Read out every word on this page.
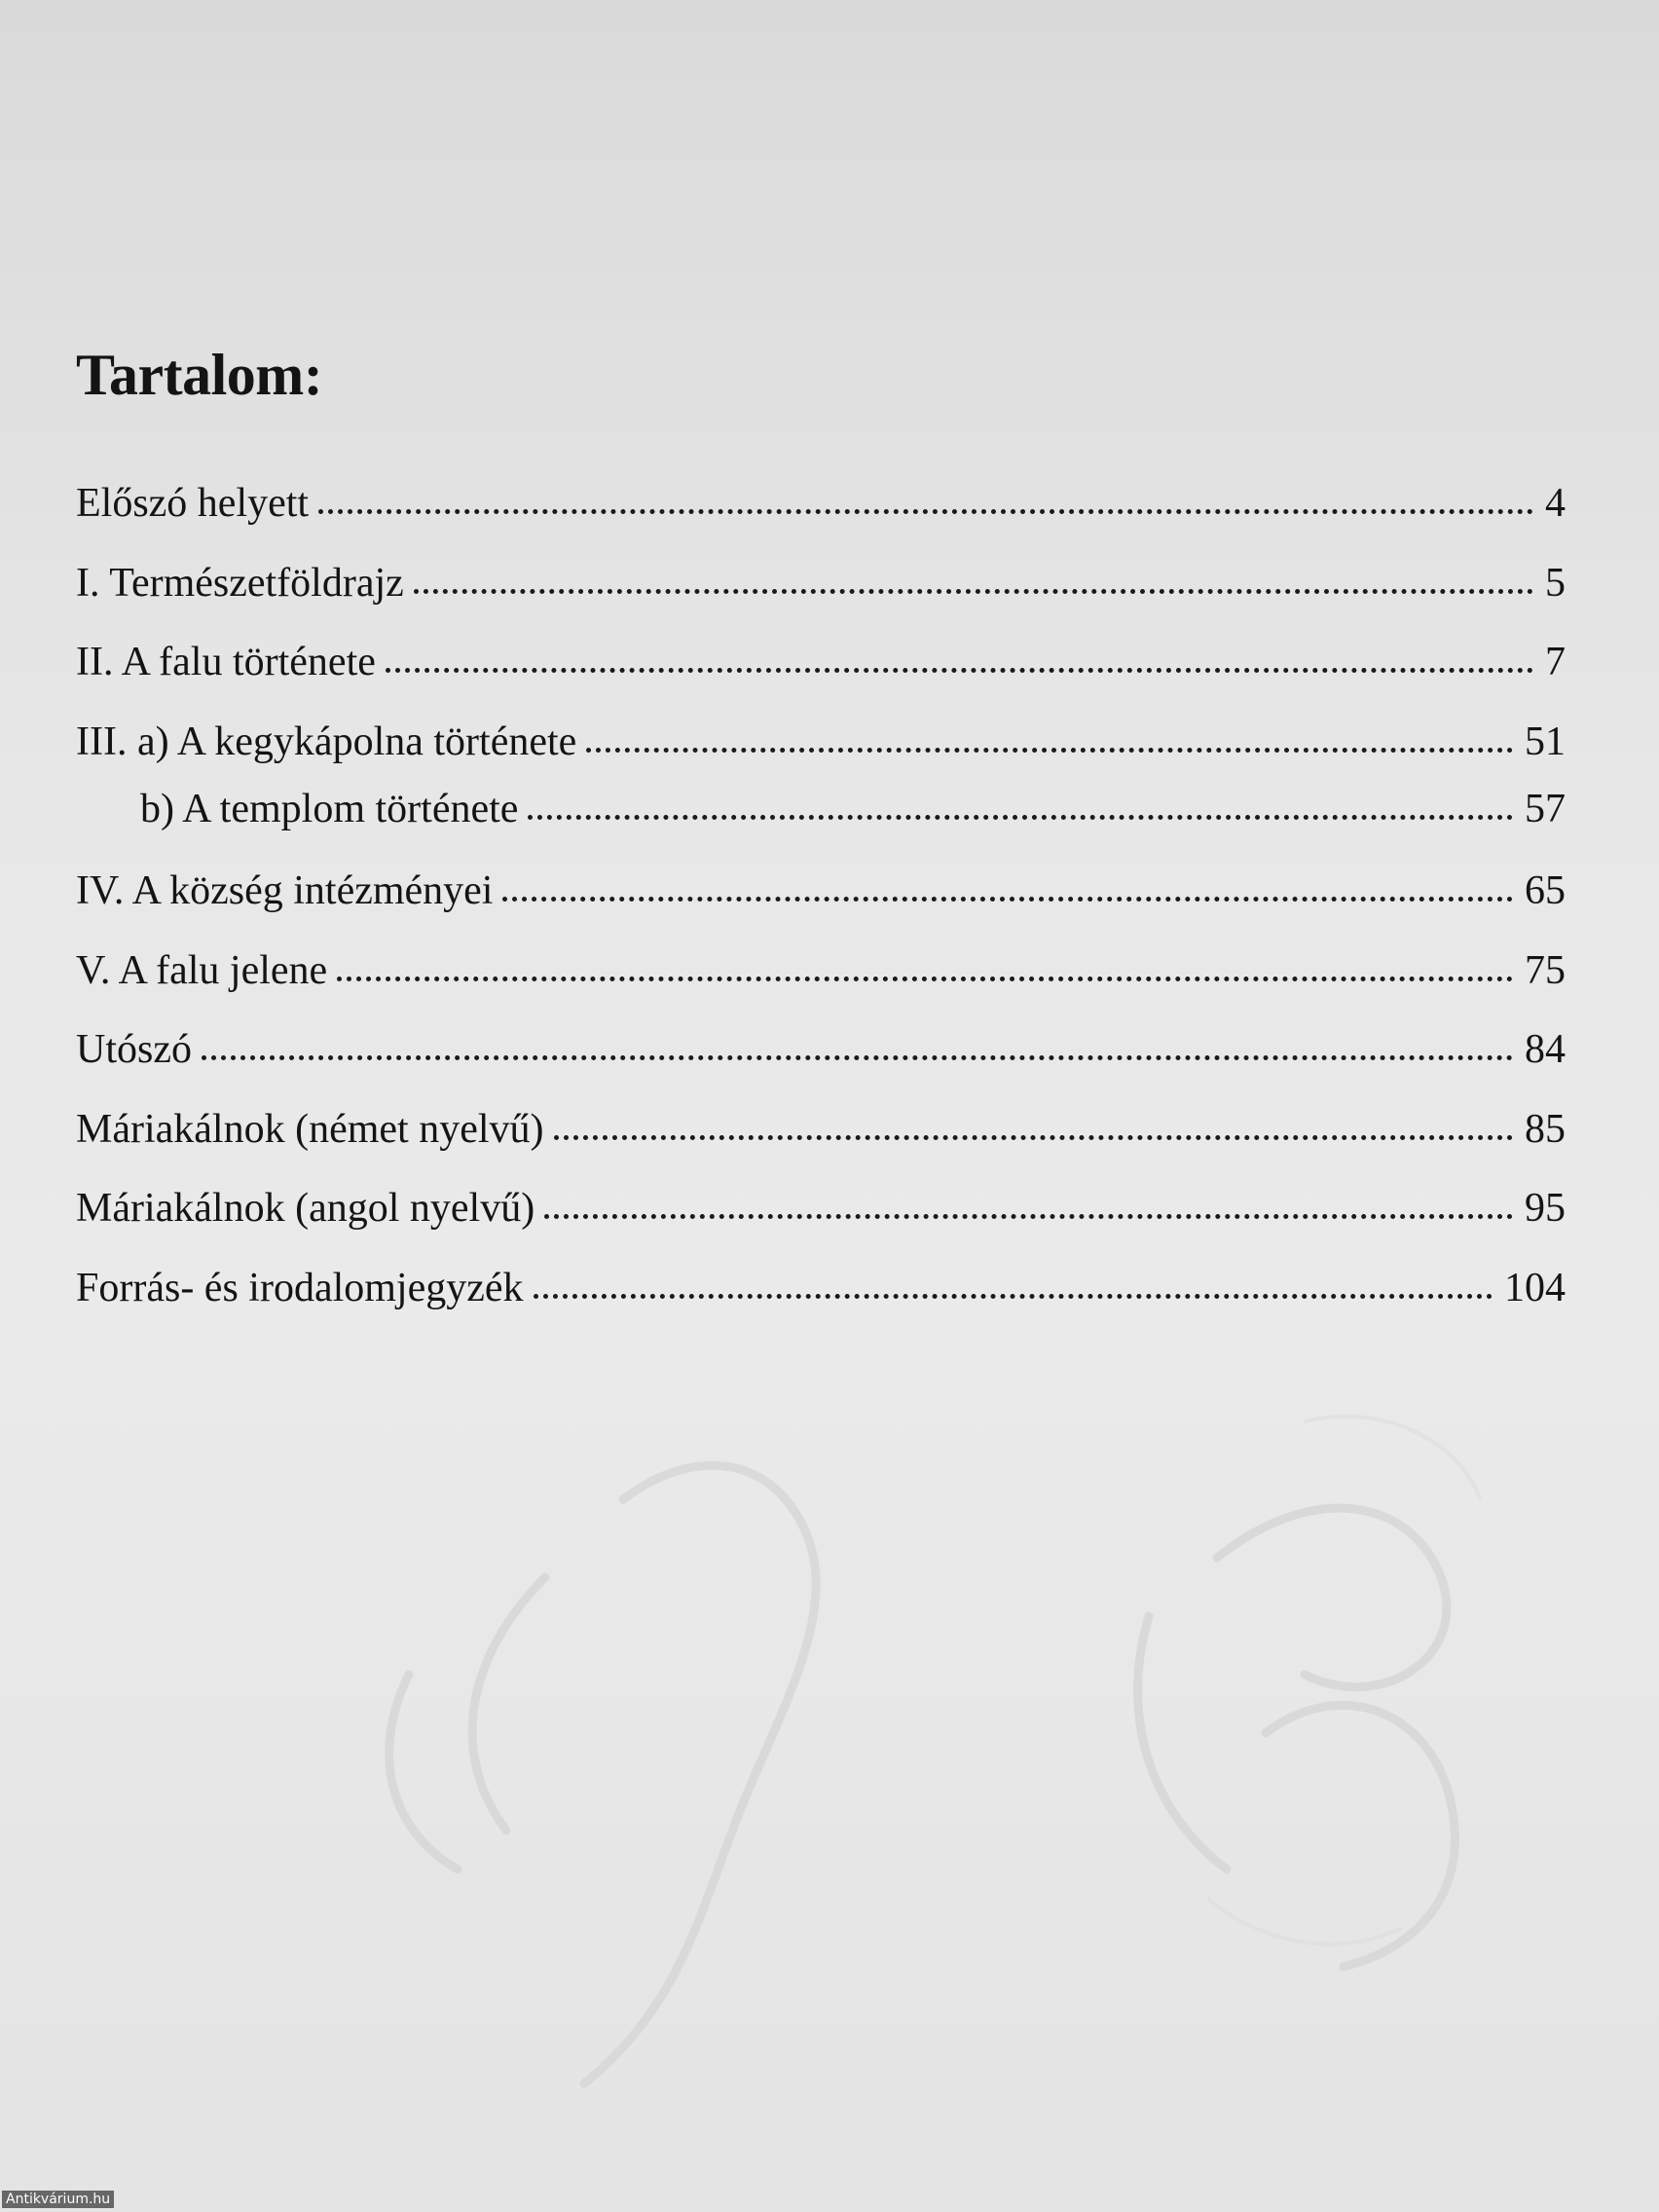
Tartalom:
Előszó helyett	4
I. Természetföldrajz	5
II. A falu története	7
III. a) A kegykápolna története	51
b) A templom története	57
IV. A község intézményei	65
V. A falu jelene	75
Utószó	84
Máriakálnok (német nyelvű)	85
Máriakálnok (angol nyelvű)	95
Forrás- és irodalomjegyzék	104
Antikvárium.hu
